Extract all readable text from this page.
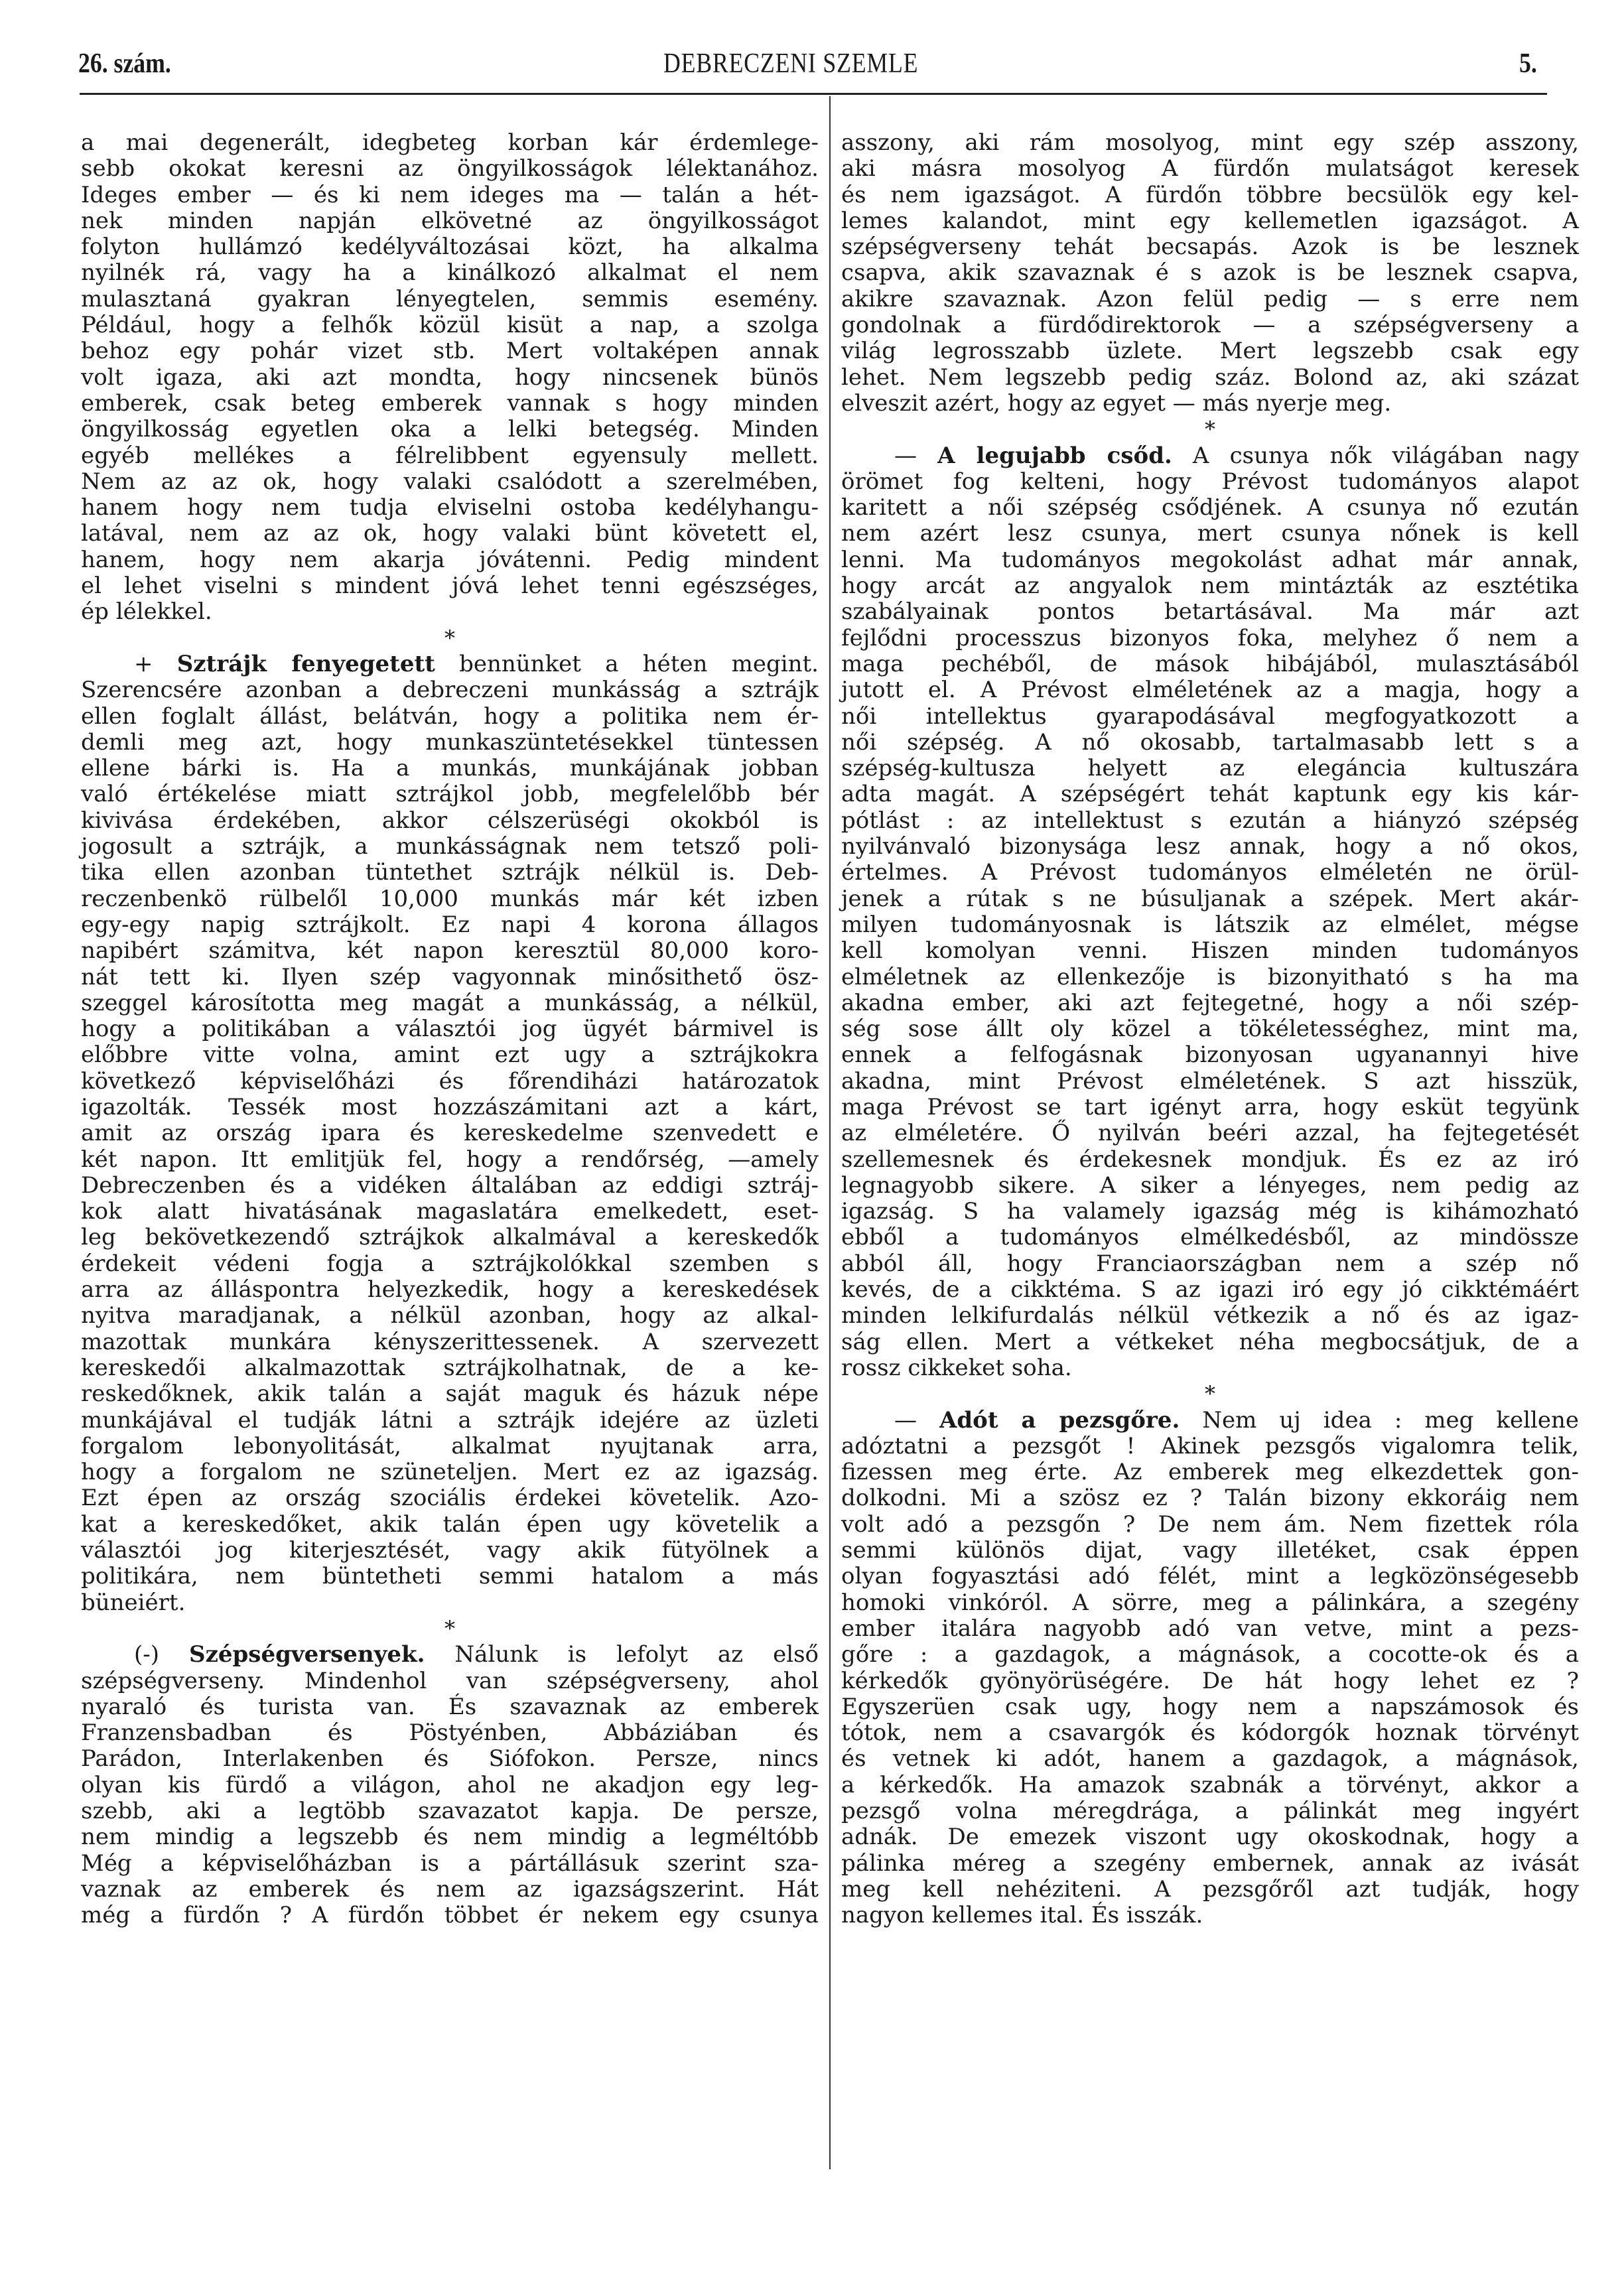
26. szám.	DEBRECZENI SZEMLE	5.
a mai degenerált, idegbeteg korban kár érdemlege-
sebb okokat keresni az öngyilkosságok lélektanához.
Ideges ember — és ki nem ideges ma — talán a hét-
nek minden napján elkövetné az öngyilkosságot
folyton hullámzó kedélyváltozásai közt, ha alkalma
nyilnék rá, vagy ha a kinálkozó alkalmat el nem
mulasztaná gyakran lényegtelen, semmis esemény.
Például, hogy a felhők közül kisüt a nap, a szolga
behoz egy pohár vizet stb. Mert voltaképen annak
volt igaza, aki azt mondta, hogy nincsenek bünös
emberek, csak beteg emberek vannak s hogy minden
öngyilkosság egyetlen oka a lelki betegség. Minden
egyéb mellékes a félrelibbent egyensuly mellett.
Nem az az ok, hogy valaki csalódott a szerelmében,
hanem hogy nem tudja elviselni ostoba kedélyhangu-
latával, nem az az ok, hogy valaki bünt követett el,
hanem, hogy nem akarja jóvátenni. Pedig mindent
el lehet viselni s mindent jóvá lehet tenni egészséges,
ép lélekkel.
*
+ Sztrájk fenyegetett bennünket a héten megint.
Szerencsére azonban a debreczeni munkásság a sztrájk
ellen foglalt állást, belátván, hogy a politika nem ér-
demli meg azt, hogy munkaszüntetésekkel tüntessen
ellene bárki is. Ha a munkás, munkájának jobban
való értékelése miatt sztrájkol jobb, megfelelőbb bér
kivivása érdekében, akkor célszerüségi okokból is
jogosult a sztrájk, a munkásságnak nem tetsző poli-
tika ellen azonban tüntethet sztrájk nélkül is. Deb-
reczenbenkö rülbelől 10,000 munkás már két izben
egy-egy napig sztrájkolt. Ez napi 4 korona állagos
napibért számitva, két napon keresztül 80,000 koro-
nát tett ki. Ilyen szép vagyonnak minősithető ösz-
szeggel károsította meg magát a munkásság, a nélkül,
hogy a politikában a választói jog ügyét bármivel is
előbbre vitte volna, amint ezt ugy a sztrájkokra
következő képviselőházi és főrendiházi határozatok
igazolták. Tessék most hozzászámitani azt a kárt,
amit az ország ipara és kereskedelme szenvedett e
két napon. Itt emlitjük fel, hogy a rendőrség, —amely
Debreczenben és a vidéken általában az eddigi sztráj-
kok alatt hivatásának magaslatára emelkedett, eset-
leg bekövetkezendő sztrájkok alkalmával a kereskedők
érdekeit védeni fogja a sztrájkolókkal szemben s
arra az álláspontra helyezkedik, hogy a kereskedések
nyitva maradjanak, a nélkül azonban, hogy az alkal-
mazottak munkára kényszerittessenek. A szervezett
kereskedői alkalmazottak sztrájkolhatnak, de a ke-
reskedőknek, akik talán a saját maguk és házuk népe
munkájával el tudják látni a sztrájk idejére az üzleti
forgalom lebonyolitását, alkalmat nyujtanak arra,
hogy a forgalom ne szüneteljen. Mert ez az igazság.
Ezt épen az ország szociális érdekei követelik. Azo-
kat a kereskedőket, akik talán épen ugy követelik a
választói jog kiterjesztését, vagy akik fütyölnek a
politikára, nem büntetheti semmi hatalom a más
büneiért.
*
(-) Szépségversenyek. Nálunk is lefolyt az első
szépségverseny. Mindenhol van szépségverseny, ahol
nyaraló és turista van. És szavaznak az emberek
Franzensbadban és Pöstyénben, Abbáziában és
Parádon, Interlakenben és Siófokon. Persze, nincs
olyan kis fürdő a világon, ahol ne akadjon egy leg-
szebb, aki a legtöbb szavazatot kapja. De persze,
nem mindig a legszebb és nem mindig a legméltóbb
Még a képviselőházban is a pártállásuk szerint sza-
vaznak az emberek és nem az igazságszerint. Hát
még a fürdőn ? A fürdőn többet ér nekem egy csunya
asszony, aki rám mosolyog, mint egy szép asszony,
aki másra mosolyog A fürdőn mulatságot keresek
és nem igazságot. A fürdőn többre becsülök egy kel-
lemes kalandot, mint egy kellemetlen igazságot. A
szépségverseny tehát becsapás. Azok is be lesznek
csapva, akik szavaznak é s azok is be lesznek csapva,
akikre szavaznak. Azon felül pedig — s erre nem
gondolnak a fürdődirektorok — a szépségverseny a
világ legrosszabb üzlete. Mert legszebb csak egy
lehet. Nem legszebb pedig száz. Bolond az, aki százat
elveszit azért, hogy az egyet — más nyerje meg.
*
— A legujabb csőd. A csunya nők világában nagy
örömet fog kelteni, hogy Prévost tudományos alapot
karitett a női szépség csődjének. A csunya nő ezután
nem azért lesz csunya, mert csunya nőnek is kell
lenni. Ma tudományos megokolást adhat már annak,
hogy arcát az angyalok nem mintázták az esztétika
szabályainak pontos betartásával. Ma már azt
fejlődni processzus bizonyos foka, melyhez ő nem a
maga pechéből, de mások hibájából, mulasztásából
jutott el. A Prévost elméletének az a magja, hogy a
női intellektus gyarapodásával megfogyatkozott a
női szépség. A nő okosabb, tartalmasabb lett s a
szépség-kultusza helyett az elegáncia kultuszára
adta magát. A szépségért tehát kaptunk egy kis kár-
pótlást : az intellektust s ezután a hiányzó szépség
nyilvánvaló bizonysága lesz annak, hogy a nő okos,
értelmes. A Prévost tudományos elméletén ne örül-
jenek a rútak s ne búsuljanak a szépek. Mert akár-
milyen tudományosnak is látszik az elmélet, mégse
kell komolyan venni. Hiszen minden tudományos
elméletnek az ellenkezője is bizonyitható s ha ma
akadna ember, aki azt fejtegetné, hogy a női szép-
ség sose állt oly közel a tökéletességhez, mint ma,
ennek a felfogásnak bizonyosan ugyanannyi hive
akadna, mint Prévost elméletének. S azt hisszük,
maga Prévost se tart igényt arra, hogy esküt tegyünk
az elméletére. Ő nyilván beéri azzal, ha fejtegetését
szellemesnek és érdekesnek mondjuk. És ez az iró
legnagyobb sikere. A siker a lényeges, nem pedig az
igazság. S ha valamely igazság még is kihámozható
ebből a tudományos elmélkedésből, az mindössze
abból áll, hogy Franciaországban nem a szép nő
kevés, de a cikktéma. S az igazi iró egy jó cikktémáért
minden lelkifurdalás nélkül vétkezik a nő és az igaz-
ság ellen. Mert a vétkeket néha megbocsátjuk, de a
rossz cikkeket soha.
*
— Adót a pezsgőre. Nem uj idea : meg kellene
adóztatni a pezsgőt ! Akinek pezsgős vigalomra telik,
fizessen meg érte. Az emberek meg elkezdettek gon-
dolkodni. Mi a szösz ez ? Talán bizony ekkoráig nem
volt adó a pezsgőn ? De nem ám. Nem fizettek róla
semmi különös dijat, vagy illetéket, csak éppen
olyan fogyasztási adó félét, mint a legközönségesebb
homoki vinkóról. A sörre, meg a pálinkára, a szegény
ember italára nagyobb adó van vetve, mint a pezs-
gőre : a gazdagok, a mágnások, a cocotte-ok és a
kérkedők gyönyörüségére. De hát hogy lehet ez ?
Egyszerüen csak ugy, hogy nem a napszámosok és
tótok, nem a csavargók és kódorgók hoznak törvényt
és vetnek ki adót, hanem a gazdagok, a mágnások,
a kérkedők. Ha amazok szabnák a törvényt, akkor a
pezsgő volna méregdrága, a pálinkát meg ingyért
adnák. De emezek viszont ugy okoskodnak, hogy a
pálinka méreg a szegény embernek, annak az ivását
meg kell nehéziteni. A pezsgőről azt tudják, hogy
nagyon kellemes ital. És isszák.
